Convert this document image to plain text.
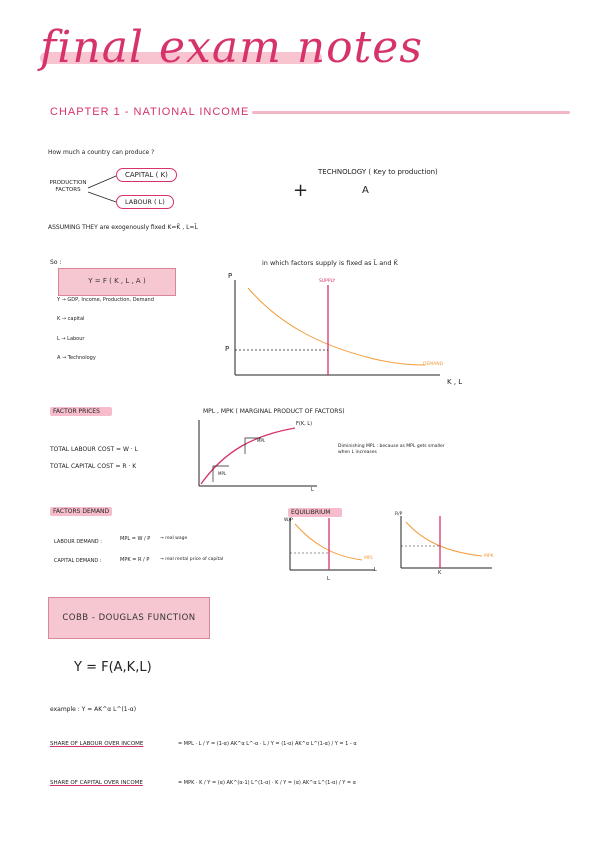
final exam notes
CHAPTER 1 - NATIONAL INCOME
How much a country can produce ?
PRODUCTION FACTORS
CAPITAL ( K)
LABOUR ( L)
TECHNOLOGY ( Key to production)
+	A
ASSUMING THEY are exogenously fixed K=K̄ , L=L̄
So :
Y = F ( K , L , A )
Y → GDP, Income, Production, Demand
K → capital
L → Labour
A → Technology
in which factors supply is fixed as L̄ and K̄
P
P
K , L
SUPPLY
DEMAND
FACTOR PRICES
TOTAL LABOUR COST = W · L
TOTAL CAPITAL COST = R · K
MPL , MPK ( MARGINAL PRODUCT OF FACTORS)
F(K, L)
MPL
MPL
L
Diminishing MPL : because as MPL gets smaller when L increases
FACTORS DEMAND
LABOUR DEMAND :	MPL = W / P → real wage
CAPITAL DEMAND :	MPK = R / P → real rental price of capital
EQUILIBRIUM
W/P
MPL
L
L
R/P
MPK
K
COBB - DOUGLAS FUNCTION
Y = F(A,K,L)
example : Y = AK^α L^(1-α)
SHARE OF LABOUR OVER INCOME	= MPL · L / Y = (1-α) AK^α L^-α · L / Y = (1-α) AK^α L^(1-α) / Y = 1 - α
SHARE OF CAPITAL OVER INCOME	= MPK · K / Y = (α) AK^(α-1) L^(1-α) · K / Y = (α) AK^α L^(1-α) / Y = α
